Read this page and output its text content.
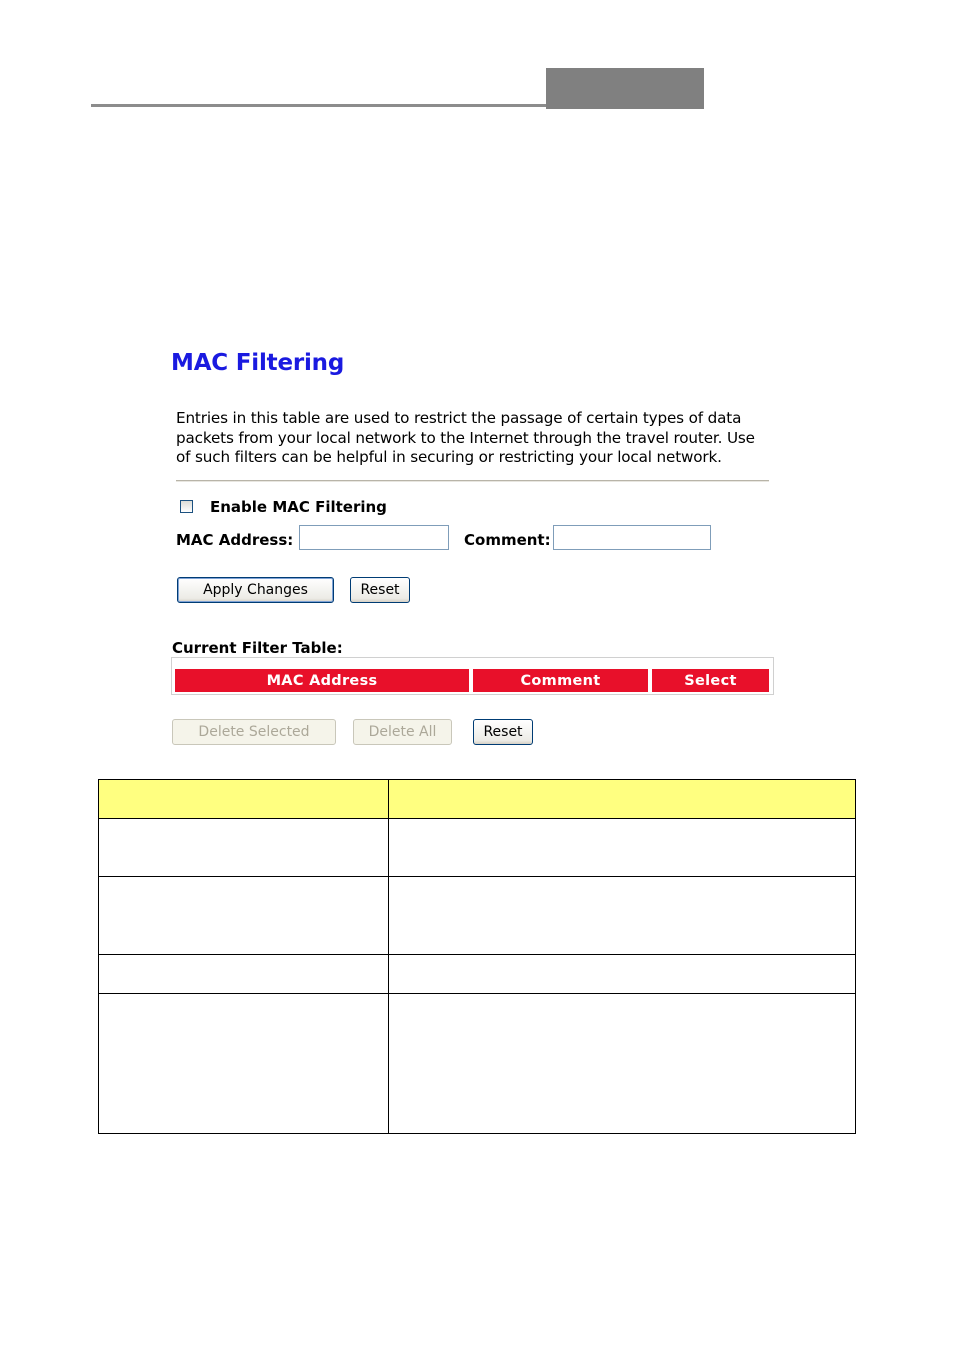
MAC Filtering
Entries in this table are used to restrict the passage of certain types of data
packets from your local network to the Internet through the travel router. Use
of such filters can be helpful in securing or restricting your local network.
Enable MAC Filtering
MAC Address:	Comment:
Apply Changes	Reset
Current Filter Table:
MAC Address	Comment	Select
Delete Selected	Delete All	Reset
